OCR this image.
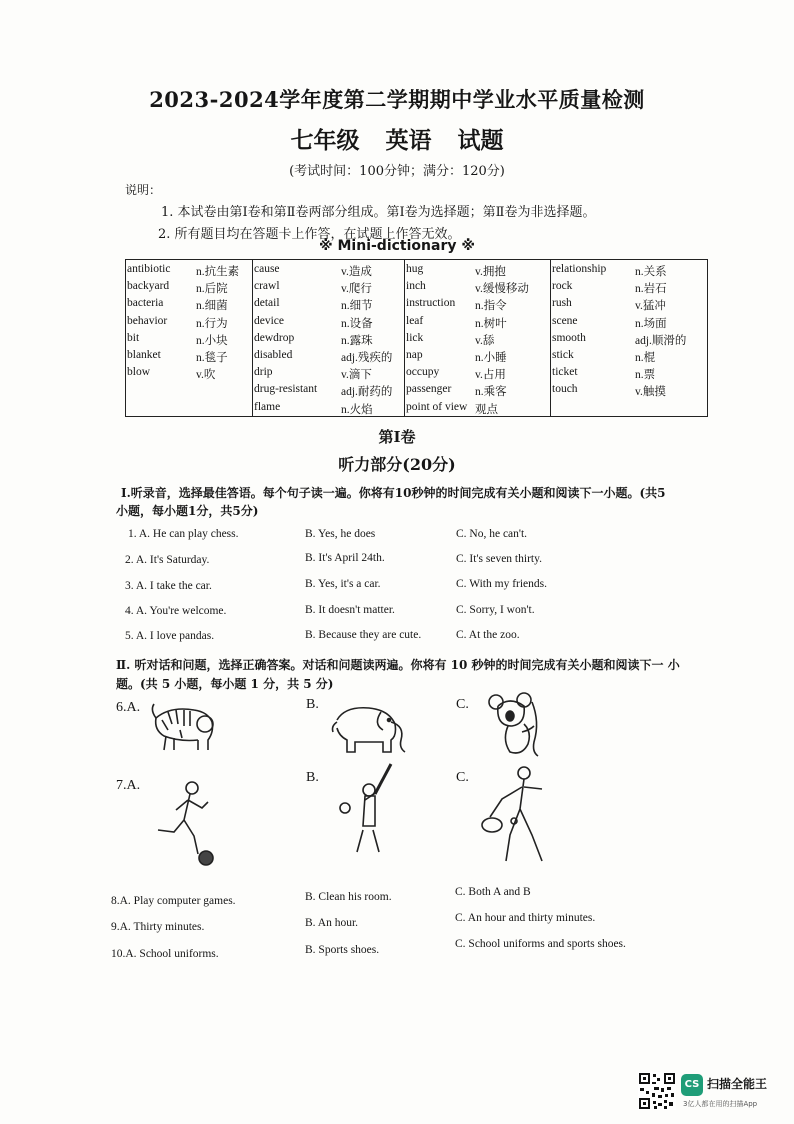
2023-2024学年度第二学期期中学业水平质量检测
七年级 英语 试题
(考试时间：100分钟；满分：120分)
说明：
1. 本试卷由第Ⅰ卷和第Ⅱ卷两部分组成。第Ⅰ卷为选择题；第Ⅱ卷为非选择题。
2. 所有题目均在答题卡上作答，在试题上作答无效。
※ Mini-dictionary ※
antibiotic n.抗生素
backyard n.后院
bacteria	n.细菌
behavior	n.行为
bit	n.小块
blanket	n.毯子
blow	v.吹
cause	v.造成
crawl	v.爬行
detail	n.细节
device	n.设备
dewdrop	n.露珠
disabled	adj.残疾的
drip	v.滴下
drug-resistant adj.耐药的
flame	n.火焰
hug	v.拥抱
inch	v.缓慢移动
instruction n.指令
leaf	n.树叶
lick	v.舔
nap	n.小睡
occupy	v.占用
passenger n.乘客
point of view 观点
relationship n.关系
rock	n.岩石
rush	v.猛冲
scene	n.场面
smooth	adj.顺滑的
stick	n.棍
ticket	n.票
touch	v.触摸
第Ⅰ卷
听力部分(20分)
Ⅰ.听录音，选择最佳答语。每个句子读一遍。你将有10秒钟的时间完成有关小题和阅读下一小题。(共5
小题，每小题1分，共5分)
1. A. He can play chess.	B. Yes, he does	C. No, he can't.
2. A. It's Saturday.	B. It's April 24th.	C. It's seven thirty.
3. A. I take the car.	B. Yes, it's a car.	C. With my friends.
4. A. You're welcome.	B. It doesn't matter.	C. Sorry, I won't.
5. A. I love pandas.	B. Because they are cute.	C. At the zoo.
Ⅱ. 听对话和问题，选择正确答案。对话和问题读两遍。你将有 10 秒钟的时间完成有关小题和阅读下一 小
题。(共 5 小题，每小题 1 分，共 5 分)
6.A.	B.	C.
7.A.
B.	C.
8.A. Play computer games.	B. Clean his room.	C. Both A and B
9.A. Thirty minutes.	B. An hour.	C. An hour and thirty minutes.
10.A. School uniforms.	B. Sports shoes.	C. School uniforms and sports shoes.
CS 扫描全能王
3亿人都在用的扫描App
